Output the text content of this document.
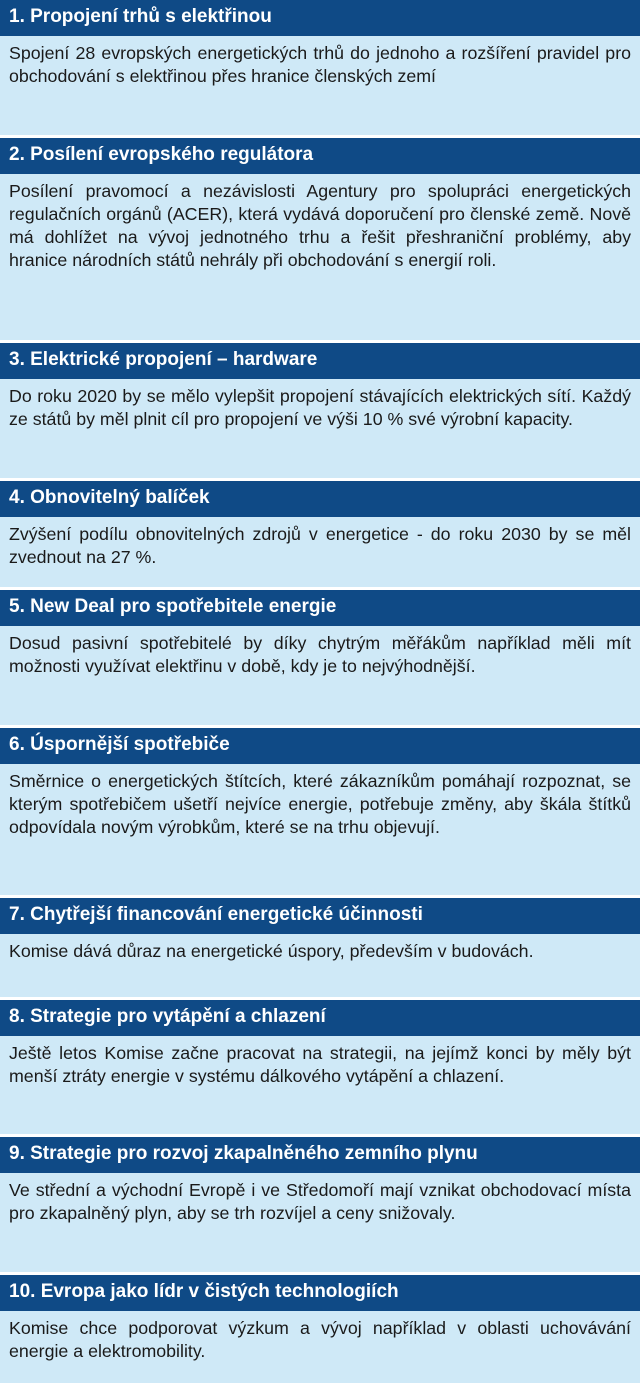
1. Propojení trhů s elektřinou
Spojení 28 evropských energetických trhů do jednoho a rozšíření pravidel pro obchodování s elektřinou přes hranice členských zemí
2. Posílení evropského regulátora
Posílení pravomocí a nezávislosti Agentury pro spolupráci energetických regulačních orgánů (ACER), která vydává doporučení pro členské země. Nově má dohlížet na vývoj jednotného trhu a řešit přeshraniční problémy, aby hranice národních států nehrály při obchodování s energií roli.
3. Elektrické propojení – hardware
Do roku 2020 by se mělo vylepšit propojení stávajících elektrických sítí. Každý ze států by měl plnit cíl pro propojení ve výši 10 % své výrobní kapacity.
4. Obnovitelný balíček
Zvýšení podílu obnovitelných zdrojů v energetice - do roku 2030 by se měl zvednout na 27 %.
5. New Deal pro spotřebitele energie
Dosud pasivní spotřebitelé by díky chytrým měřákům například měli mít možnosti využívat elektřinu v době, kdy je to nejvýhodnější.
6. Úspornější spotřebiče
Směrnice o energetických štítcích, které zákazníkům pomáhají rozpoznat, se kterým spotřebičem ušetří nejvíce energie, potřebuje změny, aby škála štítků odpovídala novým výrobkům, které se na trhu objevují.
7. Chytřejší financování energetické účinnosti
Komise dává důraz na energetické úspory, především v budovách.
8. Strategie pro vytápění a chlazení
Ještě letos Komise začne pracovat na strategii, na jejímž konci by měly být menší ztráty energie v systému dálkového vytápění a chlazení.
9. Strategie pro rozvoj zkapalněného zemního plynu
Ve střední a východní Evropě i ve Středomoří mají vznikat obchodovací místa pro zkapalněný plyn, aby se trh rozvíjel a ceny snižovaly.
10. Evropa jako lídr v čistých technologiích
Komise chce podporovat výzkum a vývoj například v oblasti uchovávání energie a elektromobility.
